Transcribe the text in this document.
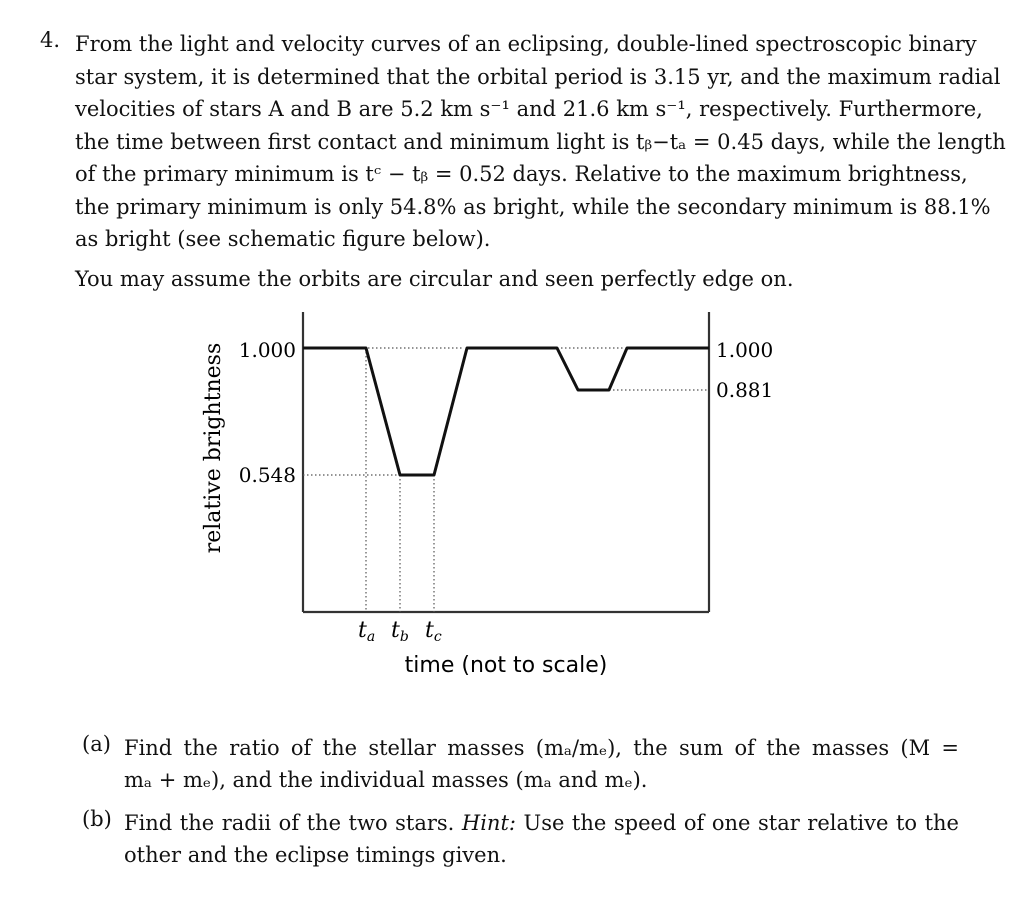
4. From the light and velocity curves of an eclipsing, double-lined spectroscopic binary
star system, it is determined that the orbital period is 3.15 yr, and the maximum radial
velocities of stars A and B are 5.2 km s⁻¹ and 21.6 km s⁻¹, respectively. Furthermore,
the time between first contact and minimum light is tᵦ−tₐ = 0.45 days, while the length
of the primary minimum is tᶜ − tᵦ = 0.52 days. Relative to the maximum brightness,
the primary minimum is only 54.8% as bright, while the secondary minimum is 88.1%
as bright (see schematic figure below).
You may assume the orbits are circular and seen perfectly edge on.
relative brightness 1.000
0.548
1.000
0.881
ta tb tc
time (not to scale)
(a) Find the ratio of the stellar masses (mₐ/mₑ), the sum of the masses (M =
mₐ + mₑ), and the individual masses (mₐ and mₑ).
(b) Find the radii of the two stars. Hint: Use the speed of one star relative to the
other and the eclipse timings given.
